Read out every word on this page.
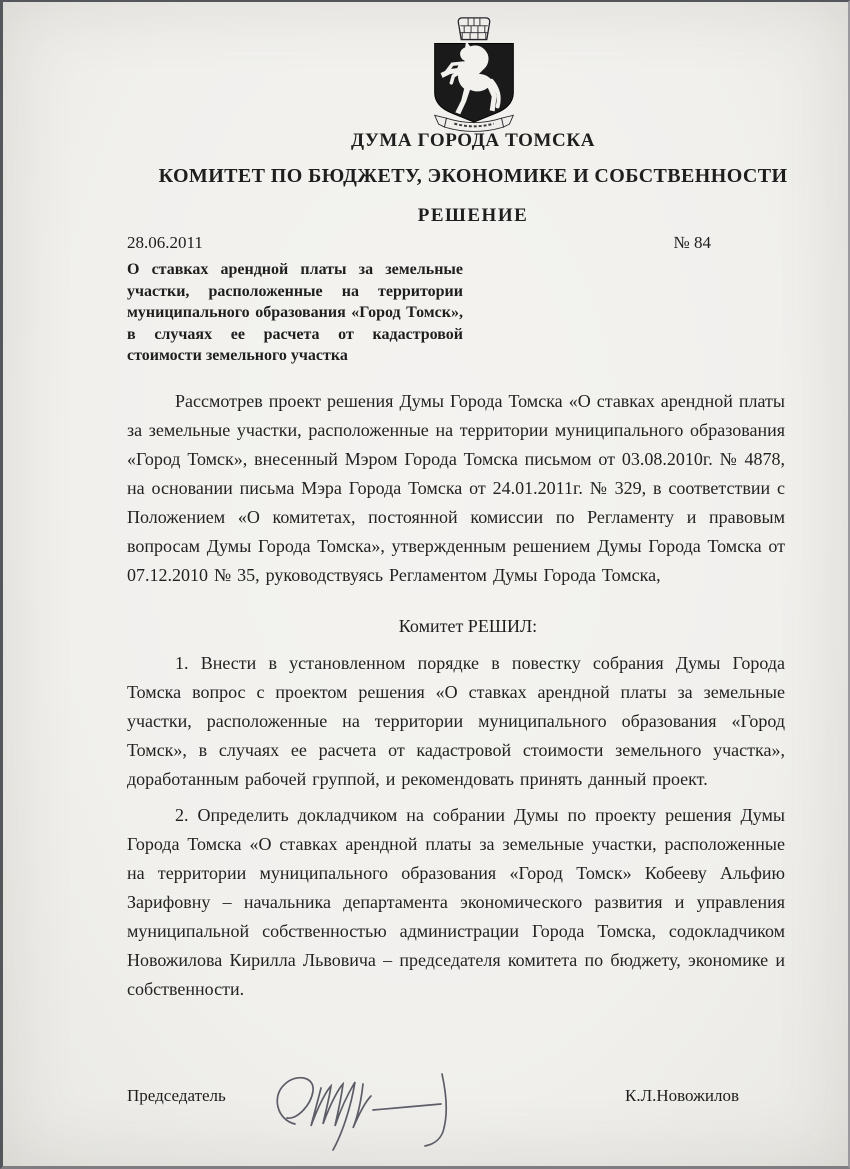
ДУМА ГОРОДА ТОМСКА
КОМИТЕТ ПО БЮДЖЕТУ, ЭКОНОМИКЕ И СОБСТВЕННОСТИ
РЕШЕНИЕ
28.06.2011	№ 84
О ставках арендной платы за земельные участки, расположенные на территории муниципального образования «Город Томск», в случаях ее расчета от кадастровой стоимости земельного участка
Рассмотрев проект решения Думы Города Томска «О ставках арендной платы за земельные участки, расположенные на территории муниципального образования «Город Томск», внесенный Мэром Города Томска письмом от 03.08.2010г. № 4878, на основании письма Мэра Города Томска от 24.01.2011г. № 329, в соответствии с Положением «О комитетах, постоянной комиссии по Регламенту и правовым вопросам Думы Города Томска», утвержденным решением Думы Города Томска от 07.12.2010 № 35, руководствуясь Регламентом Думы Города Томска,
Комитет РЕШИЛ:
1. Внести в установленном порядке в повестку собрания Думы Города Томска вопрос с проектом решения «О ставках арендной платы за земельные участки, расположенные на территории муниципального образования «Город Томск», в случаях ее расчета от кадастровой стоимости земельного участка», доработанным рабочей группой, и рекомендовать принять данный проект.
2. Определить докладчиком на собрании Думы по проекту решения Думы Города Томска «О ставках арендной платы за земельные участки, расположенные на территории муниципального образования «Город Томск» Кобееву Альфию Зарифовну – начальника департамента экономического развития и управления муниципальной собственностью администрации Города Томска, содокладчиком Новожилова Кирилла Львовича – председателя комитета по бюджету, экономике и собственности.
Председатель	К.Л.Новожилов
